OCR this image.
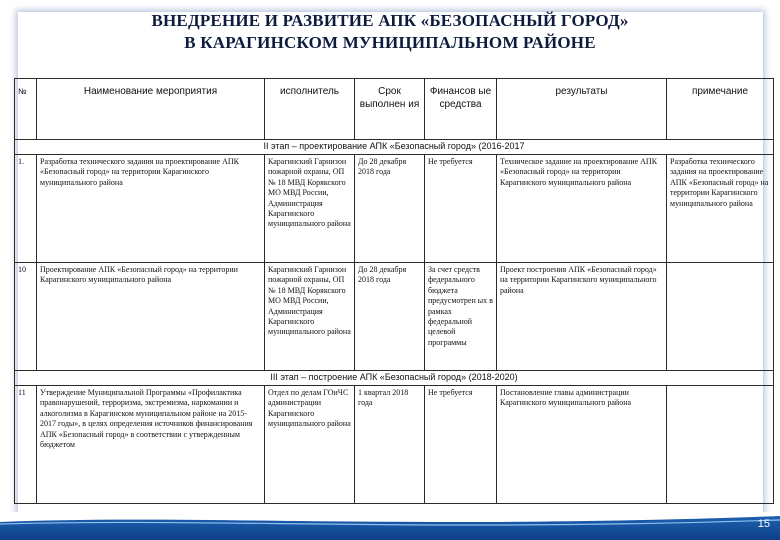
ВНЕДРЕНИЕ И РАЗВИТИЕ АПК «БЕЗОПАСНЫЙ ГОРОД»
В КАРАГИНСКОМ МУНИЦИПАЛЬНОМ РАЙОНЕ
№	Наименование мероприятия	исполнитель	Срок выполнен ия	Финансов ые средства	результаты	примечание
II этап – проектирование АПК «Безопасный город» (2016-2017						
1.	Разработка технического задания на проектирование АПК «Безопасный город» на территории Карагинского муниципального района	Карагинский Гарнизон пожарной охраны, ОП № 18 МВД Корякского МО МВД России, Администрация Карагинского муниципального района	До 28 декабря 2018 года	Не требуется	Техническое задание на проектирование АПК «Безопасный город» на территории Карагинского муниципального района	Разработка технического задания на проектирование АПК «Безопасный город» на территории Карагинского муниципального района
10	Проектирование АПК «Безопасный город» на территории Карагинского муниципального района	Карагинский Гарнизон пожарной охраны, ОП № 18 МВД Корякского МО МВД России, Администрация Карагинского муниципального района	До 28 декабря 2018 года	За счет средств федерального бюджета предусмотрен ых в рамках федеральной целевой программы	Проект построения АПК «Безопасный город» на территории Карагинского муниципального района	
III этап – построение АПК «Безопасный город» (2018-2020)						
11	Утверждение Муниципальной Программы «Профилактика правонарушений, терроризма, экстремизма, наркомании и алкоголизма в Карагинском муниципальном районе на 2015-2017 годы», в целях определения источников финансирования АПК «Безопасный город» в соответствии с утвержденным бюджетом	Отдел по делам ГОиЧС администрации Карагинского муниципального района	1 квартал 2018 года	Не требуется	Постановление главы администрации Карагинского муниципального района	
15
